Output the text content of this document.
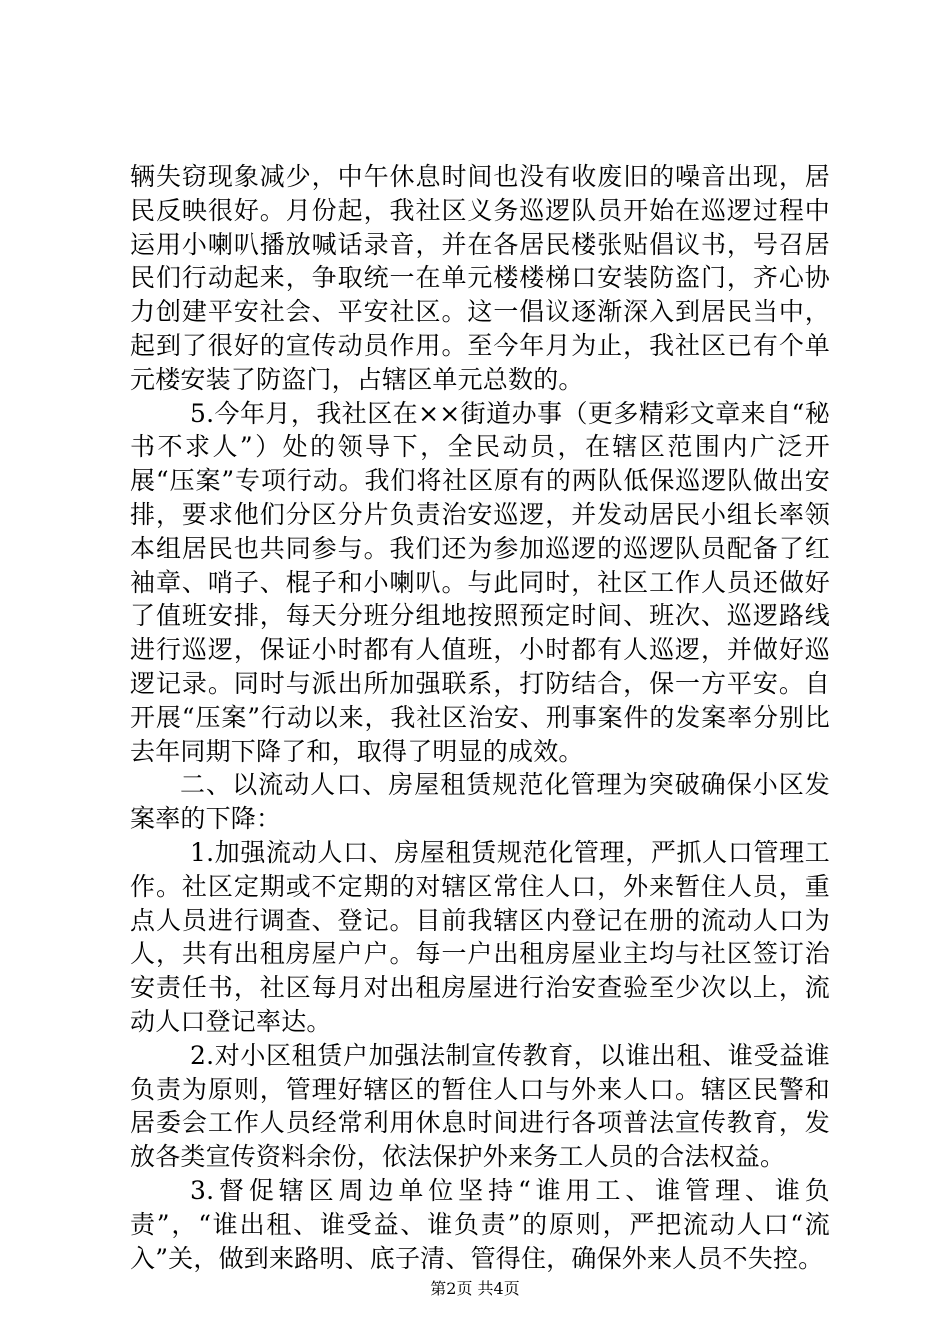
辆失窃现象减少，中午休息时间也没有收废旧的噪音出现，居民反映很好。月份起，我社区义务巡逻队员开始在巡逻过程中运用小喇叭播放喊话录音，并在各居民楼张贴倡议书，号召居民们行动起来，争取统一在单元楼楼梯口安装防盗门，齐心协力创建平安社会、平安社区。这一倡议逐渐深入到居民当中，起到了很好的宣传动员作用。至今年月为止，我社区已有个单元楼安装了防盗门，占辖区单元总数的。

5.今年月，我社区在××街道办事（更多精彩文章来自“秘书不求人”）处的领导下，全民动员，在辖区范围内广泛开展“压案”专项行动。我们将社区原有的两队低保巡逻队做出安排，要求他们分区分片负责治安巡逻，并发动居民小组长率领本组居民也共同参与。我们还为参加巡逻的巡逻队员配备了红袖章、哨子、棍子和小喇叭。与此同时，社区工作人员还做好了值班安排，每天分班分组地按照预定时间、班次、巡逻路线进行巡逻，保证小时都有人值班，小时都有人巡逻，并做好巡逻记录。同时与派出所加强联系，打防结合，保一方平安。自开展“压案”行动以来，我社区治安、刑事案件的发案率分别比去年同期下降了和，取得了明显的成效。

二、以流动人口、房屋租赁规范化管理为突破确保小区发案率的下降：

1.加强流动人口、房屋租赁规范化管理，严抓人口管理工作。社区定期或不定期的对辖区常住人口，外来暂住人员，重点人员进行调查、登记。目前我辖区内登记在册的流动人口为人，共有出租房屋户户。每一户出租房屋业主均与社区签订治安责任书，社区每月对出租房屋进行治安查验至少次以上，流动人口登记率达。

2.对小区租赁户加强法制宣传教育，以谁出租、谁受益谁负责为原则，管理好辖区的暂住人口与外来人口。辖区民警和居委会工作人员经常利用休息时间进行各项普法宣传教育，发放各类宣传资料余份，依法保护外来务工人员的合法权益。

3.督促辖区周边单位坚持“谁用工、谁管理、谁负责”，“谁出租、谁受益、谁负责”的原则，严把流动人口“流入”关，做到来路明、底子清、管得住，确保外来人员不失控。

第2页 共4页
